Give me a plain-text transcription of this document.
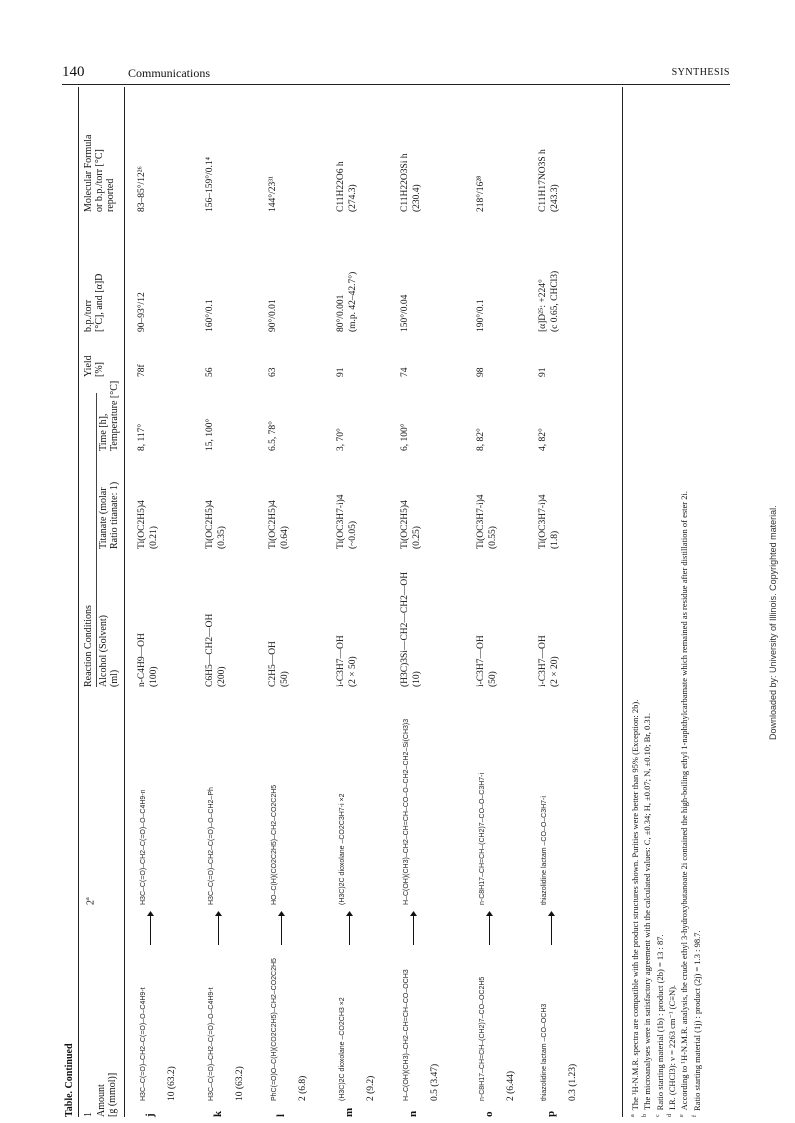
140	Communications	SYNTHESIS
Table. Continued 1 Amount
[g (mmol)]
2$^a$
Reaction Conditions Alcohol (Solvent)
(ml)
Titanate (molar
Ratio titanate: 1)
Time [h],
Temperature [°C]
Yield
[%]
b.p./torr
[°C], and [α]D
Molecular Formula
or b.p./torr [°C]
reported
j
H3C–C(=O)–CH2–C(=O)–O–C4H9-t 10 (63.2)
H3C–C(=O)–CH2–C(=O)–O–C4H9-n
n-C4H9—OH
(100)
Ti(OC2H5)4
(0.21)
8, 117°
78f
90–93°/12
83–85°/12²⁶
k
H3C–C(=O)–CH2–C(=O)–O–C4H9-t 10 (63.2)
H3C–C(=O)–CH2–C(=O)–O–CH2–Ph
C6H5—CH2—OH
(200)
Ti(OC2H5)4
(0.35)
15, 100°
56
160°/0.1
156–159°/0.1⁴
l
PhC(=O)O–C(H)(CO2C2H5)–CH2–CO2C2H5 2 (6.8)
HO–C(H)(CO2C2H5)–CH2–CO2C2H5
C2H5—OH
(50)
Ti(OC2H5)4
(0.64)
6.5, 78°
63
90°/0.01
144°/23³¹
m
(H3C)2C dioxolane –CO2CH3 ×2 2 (9.2)
(H3C)2C dioxolane –CO2C3H7-i ×2
i-C3H7—OH
(2 × 50)
Ti(OC3H7-i)4
(~0.05)
3, 70°
91
80°/0.001
(m.p. 42–42.7°)
C11H22O6 h
(274.3)
n
H–C(OH)(CH3)–CH2–CH=CH–CO–OCH3 0.5 (3.47)
H–C(OH)(CH3)–CH2–CH=CH–CO–O–CH2–CH2–Si(CH3)3
(H3C)3Si—CH2—CH2—OH
(10)
Ti(OC2H5)4
(0.25)
6, 100°
74
150°/0.04
C11H22O3Si h
(230.4)
o
n-C8H17–CH=CH–(CH2)7–CO–OC2H5 2 (6.44)
n-C8H17–CH=CH–(CH2)7–CO–O–C3H7-i
i-C3H7—OH
(50)
Ti(OC3H7-i)4
(0.55)
8, 82°
98
190°/0.1
218°/16²⁸
p
thiazolidine lactam –CO–OCH3 0.3 (1.23)
thiazolidine lactam –CO–O–C3H7-i
i-C3H7—OH
(2 × 20)
Ti(OC3H7-i)4
(1.8)
4, 82°
91
[α]D²⁵: +224°
(c 0.65, CHCl3)
C11H17NO3S h
(243.3)
$^a$The ¹H-N.M.R. spectra are compatible with the product structures shown. Purities were better than 95% (Exception: 2b).
$^b$The microanalyses were in satisfactory agreement with the calculated values: C, ±0.34; H, ±0.07; N, ±0.10; Br, 0.31.
$^c$Ratio starting material (1b) : product (2b) = 13 : 87.
$^d$I.R. (CHCl3): ν = 2263 cm⁻¹ (C≡N).
$^e$According to ¹H-N.M.R. analysis, the crude ethyl 3-hydroxybutanoate 2i contained the high-boiling ethyl 1-naphthylcarbamate which remained as residue after distillation of ester 2i.
$^f$Ratio starting material (1j) : product (2j) = 1.3 : 98.7.
Downloaded by: University of Illinois. Copyrighted material.
